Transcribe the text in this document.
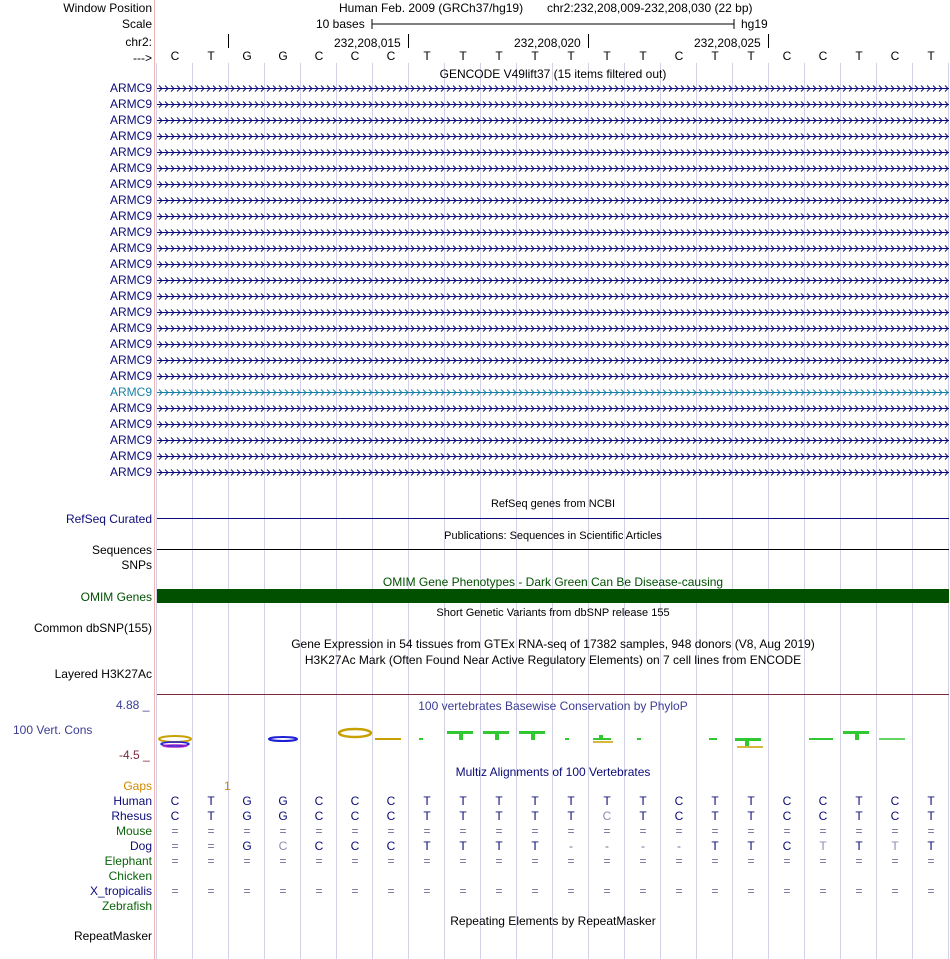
Window Position	Human Feb. 2009 (GRCh37/hg19) chr2:232,208,009-232,208,030 (22 bp)
Scale	10 bases	hg19
chr2:	232,208,015	232,208,020	232,208,025
--->	C	T	G	G	C	C	C	T	T	T	T	T	T	T	C	T	T	C	C	T	C	T
GENCODE V49lift37 (15 items filtered out)
ARMC9
ARMC9
ARMC9
ARMC9
ARMC9
ARMC9
ARMC9
ARMC9
ARMC9
ARMC9
ARMC9
ARMC9
ARMC9
ARMC9
ARMC9
ARMC9
ARMC9
ARMC9
ARMC9
ARMC9
ARMC9
ARMC9
ARMC9
ARMC9
ARMC9
RefSeq genes from NCBI
RefSeq Curated
Publications: Sequences in Scientific Articles
Sequences
SNPs
OMIM Gene Phenotypes - Dark Green Can Be Disease-causing
OMIM Genes
Short Genetic Variants from dbSNP release 155
Common dbSNP(155)
Gene Expression in 54 tissues from GTEx RNA-seq of 17382 samples, 948 donors (V8, Aug 2019)
H3K27Ac Mark (Often Found Near Active Regulatory Elements) on 7 cell lines from ENCODE
Layered H3K27Ac
100 vertebrates Basewise Conservation by PhyloP
4.88 _
100 Vert. Cons
-4.5 _
Multiz Alignments of 100 Vertebrates
Gaps	1
Human	C	T	G	G	C	C	C	T	T	T	T	T	T	T	C	T	T	C	C	T	C	T
Rhesus	C	T	G	G	C	C	C	T	T	T	T	T	C	T	C	T	T	C	C	T	C	T
Mouse	=	=	=	=	=	=	=	=	=	=	=	=	=	=	=	=	=	=	=	=	=	=
Dog	=	=	G	C	C	C	C	T	T	T	T	-	-	-	-	T	T	C	T	T	T	T
Elephant	=	=	=	=	=	=	=	=	=	=	=	=	=	=	=	=	=	=	=	=	=	=
Chicken
X_tropicalis	=	=	=	=	=	=	=	=	=	=	=	=	=	=	=	=	=	=	=	=	=	=
Zebrafish
Repeating Elements by RepeatMasker
RepeatMasker
